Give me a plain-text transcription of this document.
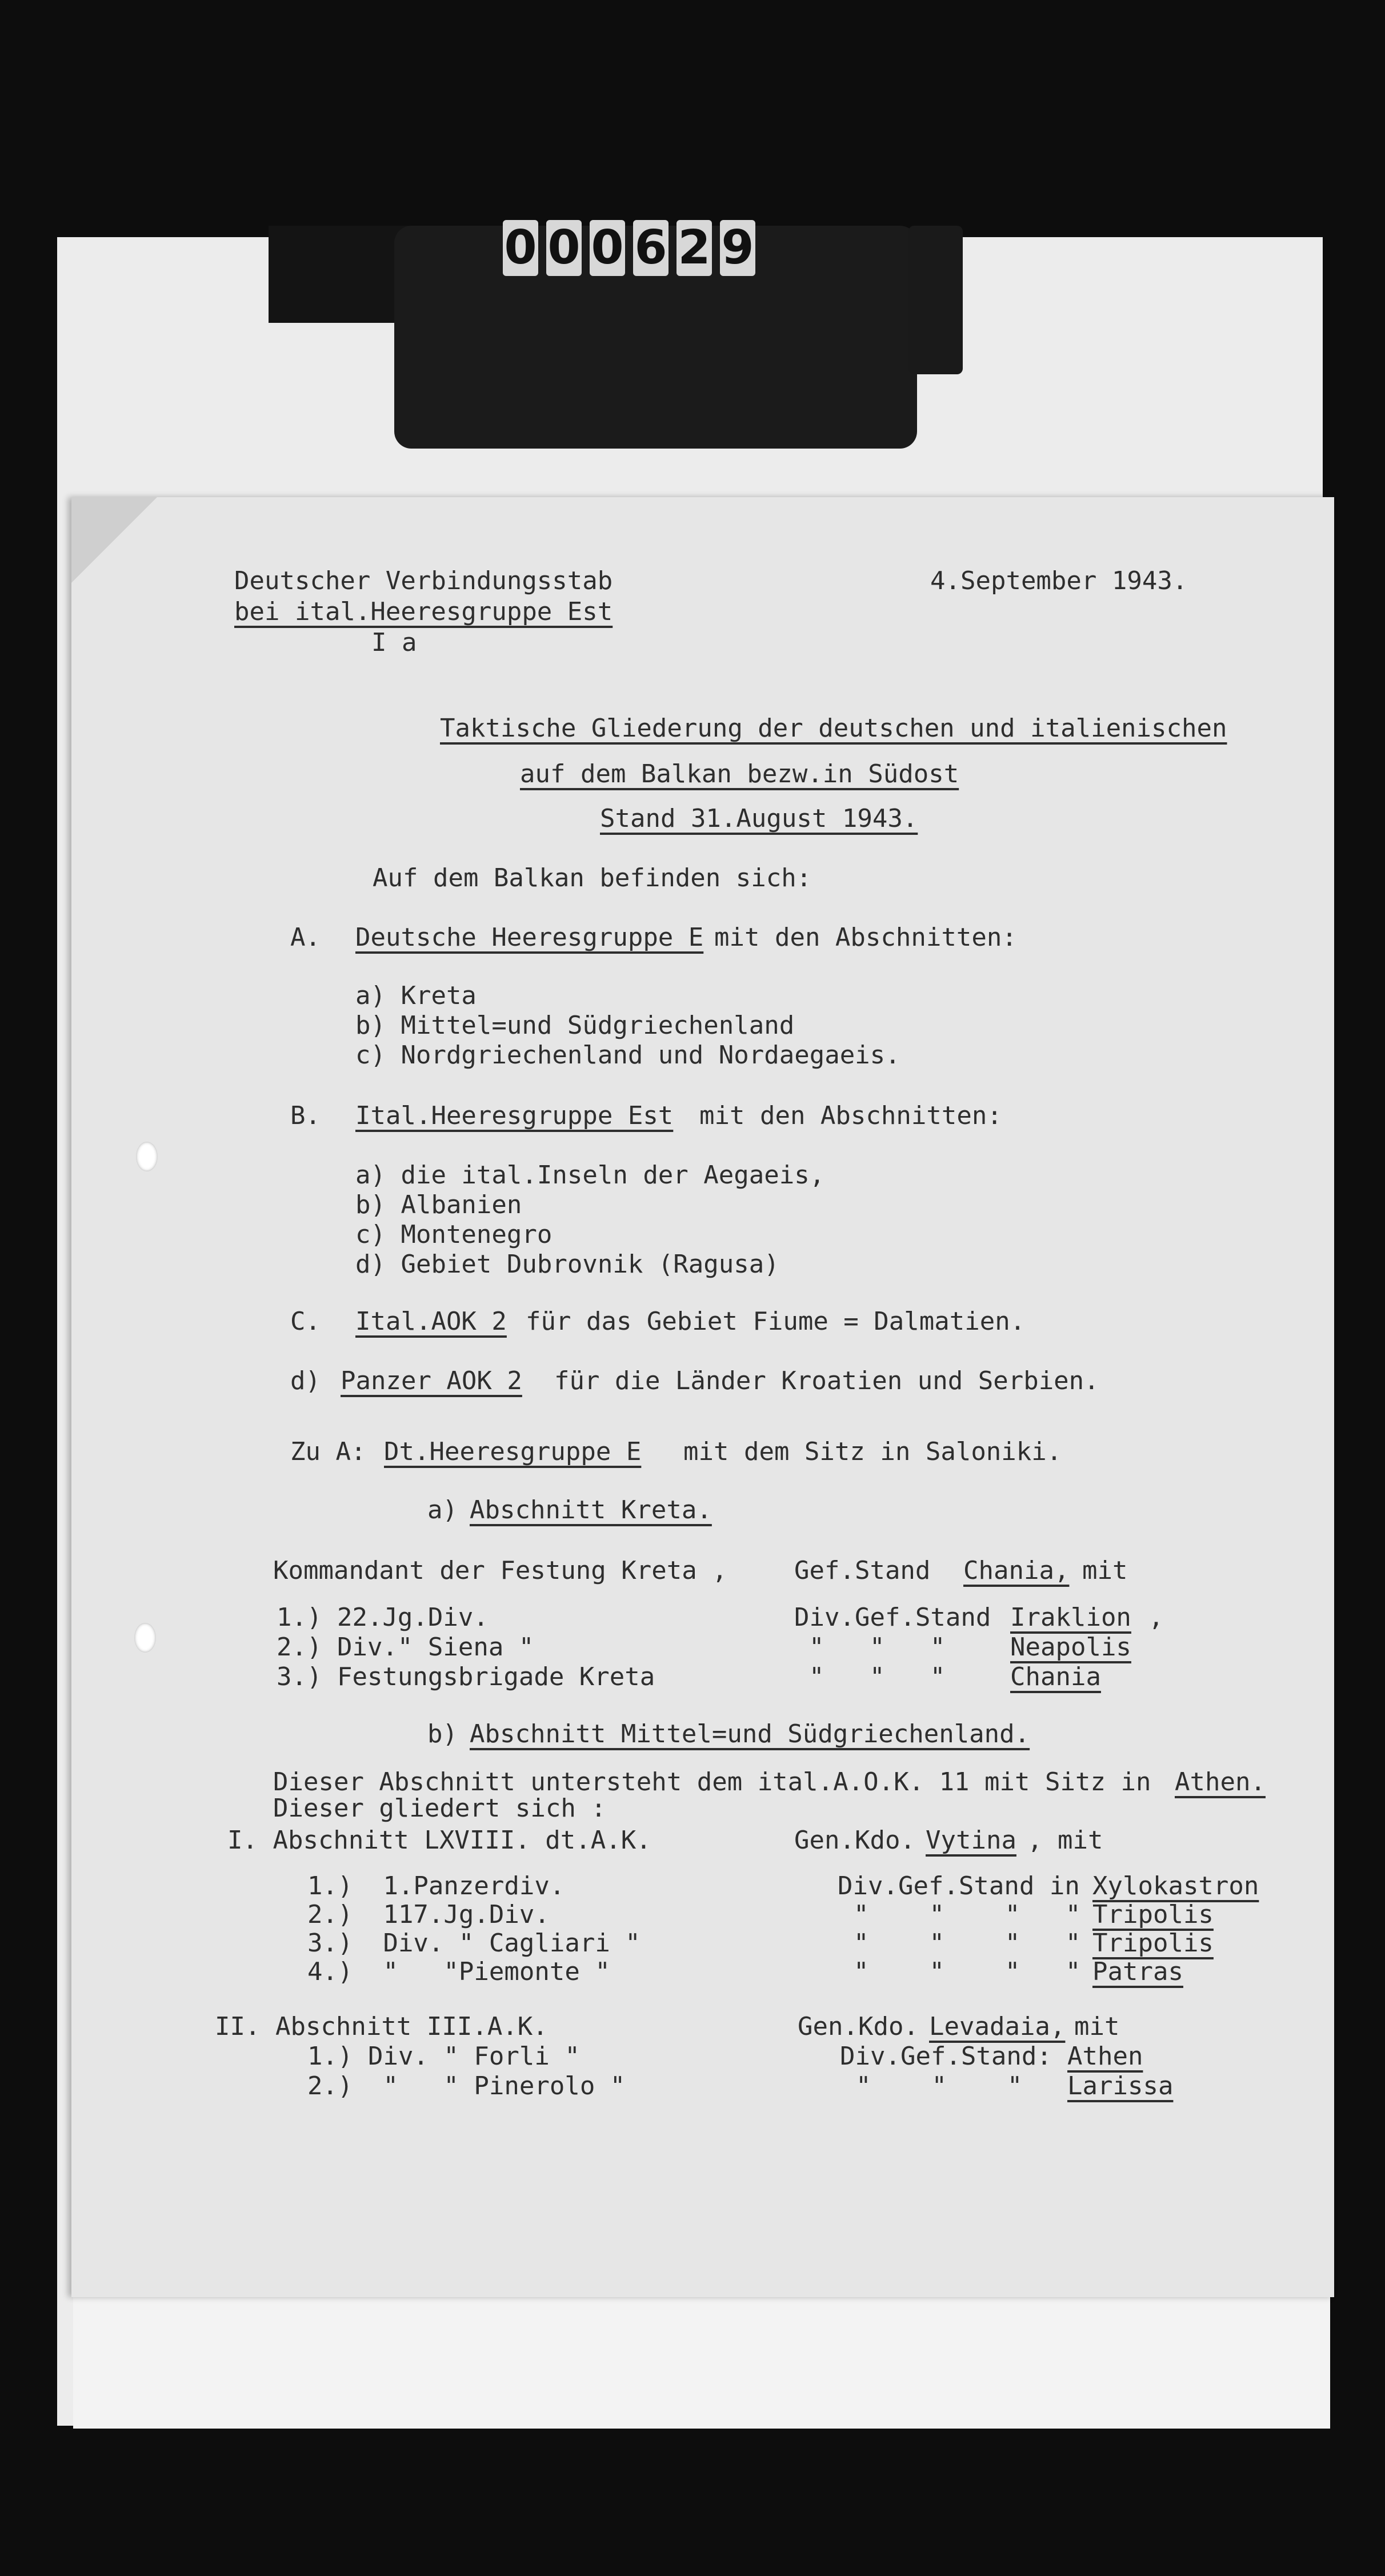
0 0 0 6 2 9
Deutscher Verbindungsstab
bei ital.Heeresgruppe Est
I a
4.September 1943.
Taktische Gliederung der deutschen und italienischen
auf dem Balkan bezw.in Südost
Stand 31.August 1943.
Auf dem Balkan befinden sich:
A. Deutsche Heeresgruppe E mit den Abschnitten:
a) Kreta
b) Mittel=und Südgriechenland
c) Nordgriechenland und Nordaegaeis.
B. Ital.Heeresgruppe Est mit den Abschnitten:
a) die ital.Inseln der Aegaeis,
b) Albanien
c) Montenegro
d) Gebiet Dubrovnik (Ragusa)
C. Ital.AOK 2 für das Gebiet Fiume = Dalmatien.
d) Panzer AOK 2 für die Länder Kroatien und Serbien.
Zu A: Dt.Heeresgruppe E mit dem Sitz in Saloniki.
a) Abschnitt Kreta.
Kommandant der Festung Kreta ,	Gef.Stand Chania, mit
1.) 22.Jg.Div.	Div.Gef.Stand Iraklion ,
2.) Div." Siena "	"   "   "	Neapolis
3.) Festungsbrigade Kreta	"   "   "	Chania
b) Abschnitt Mittel=und Südgriechenland.
Dieser Abschnitt untersteht dem ital.A.O.K. 11 mit Sitz in Athen.
Dieser gliedert sich :
I. Abschnitt LXVIII. dt.A.K.	Gen.Kdo. Vytina , mit
1.)  1.Panzerdiv.	Div.Gef.Stand in Xylokastron
2.)  117.Jg.Div.	"    "    "   " Tripolis
3.)  Div. " Cagliari "	"    "    "   " Tripolis
4.)  "   "Piemonte "	"    "    "   " Patras
II. Abschnitt III.A.K.	Gen.Kdo. Levadaia, mit
1.) Div. " Forli "	Div.Gef.Stand: Athen
2.)  "   " Pinerolo "	"    "    " Larissa
